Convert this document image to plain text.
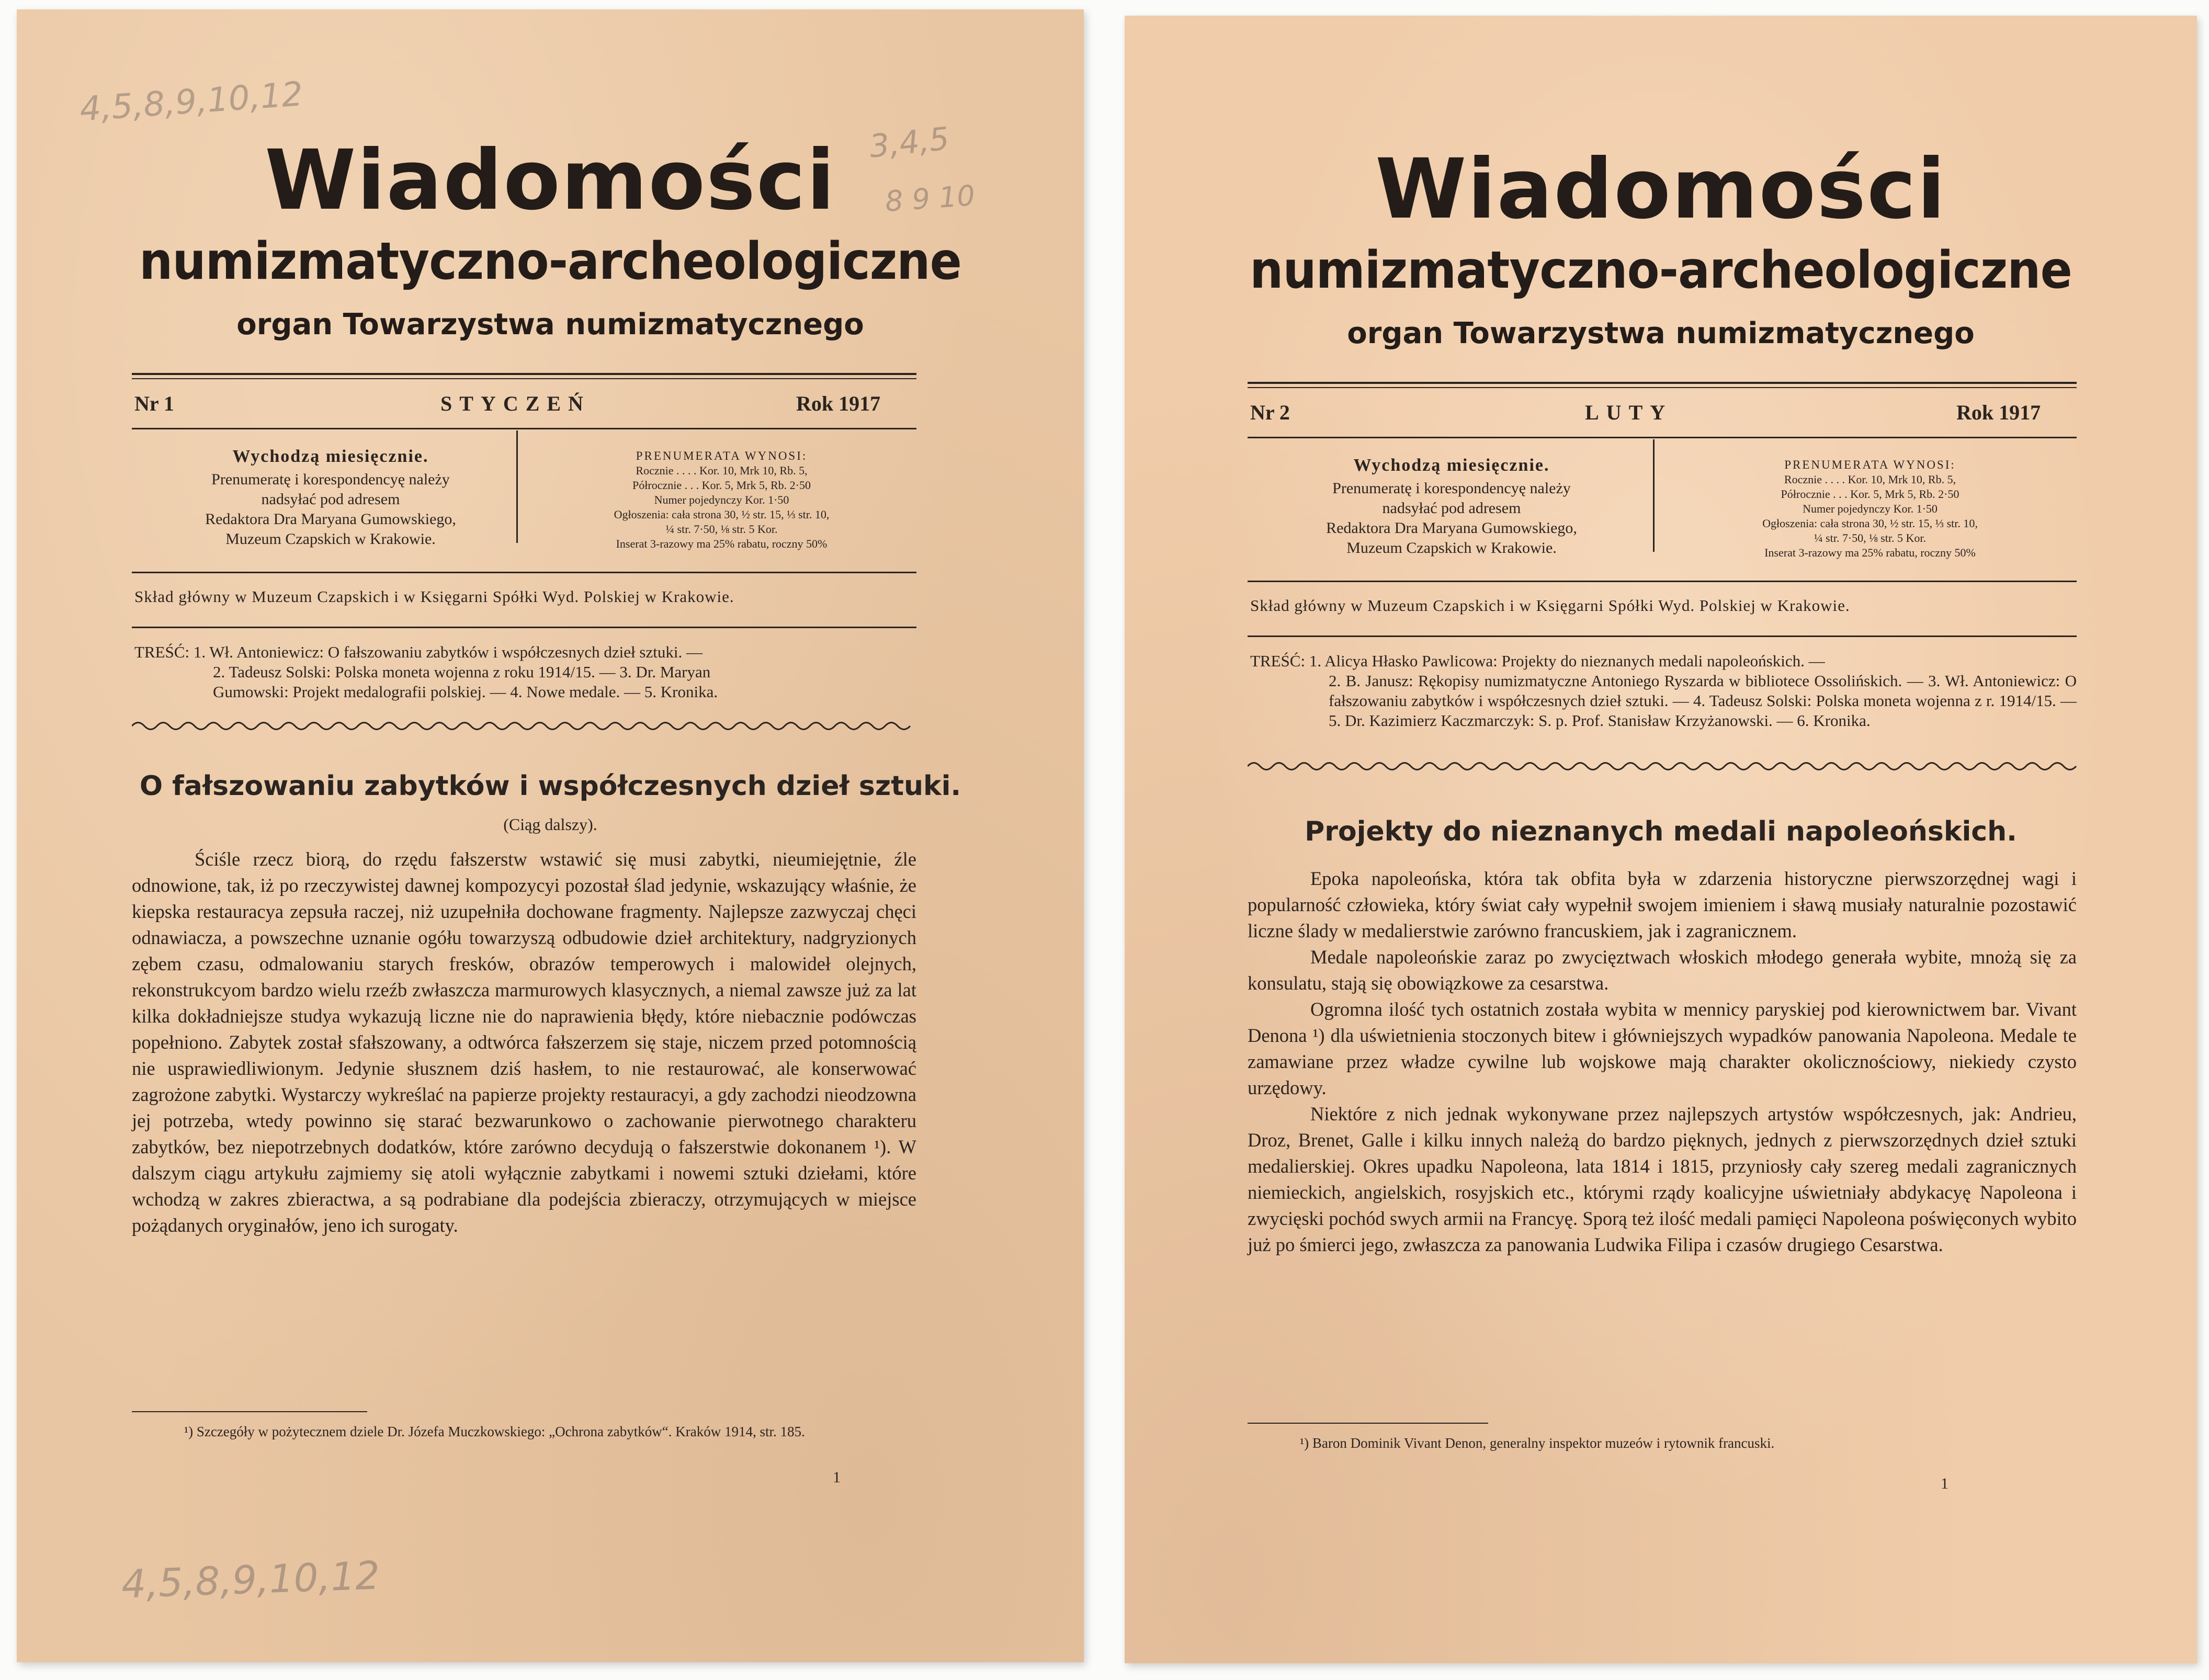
4,5,8,9,10,12
3,4,5
8 9 10
4,5,8,9,10,12
Wiadomości
numizmatyczno-archeologiczne
organ Towarzystwa numizmatycznego
Nr 1	STYCZEŃ	Rok 1917
Wychodzą miesięcznie.
Prenumeratę i korespondencyę należy
nadsyłać pod adresem
Redaktora Dra Maryana Gumowskiego,
Muzeum Czapskich w Krakowie.
PRENUMERATA WYNOSI:
Rocznie . . . . Kor. 10, Mrk 10, Rb. 5,
Półrocznie . . . Kor. 5, Mrk 5, Rb. 2·50
Numer pojedynczy Kor. 1·50
Ogłoszenia: cała strona 30, ½ str. 15, ⅓ str. 10,
¼ str. 7·50, ⅛ str. 5 Kor.
Inserat 3-razowy ma 25% rabatu, roczny 50%
Skład główny w Muzeum Czapskich i w Księgarni Spółki Wyd. Polskiej w Krakowie.
TREŚĆ: 1. Wł. Antoniewicz: O fałszowaniu zabytków i współczesnych dzieł sztuki. —
2. Tadeusz Solski: Polska moneta wojenna z roku 1914/15. — 3. Dr. Maryan
Gumowski: Projekt medalografii polskiej. — 4. Nowe medale. — 5. Kronika.
O fałszowaniu zabytków i współczesnych dzieł sztuki.
(Ciąg dalszy).

Ściśle rzecz biorą, do rzędu fałszerstw wstawić się musi zabytki, nieumiejętnie, źle odnowione, tak, iż po rzeczywistej dawnej kompozycyi pozostał ślad jedynie, wskazujący właśnie, że kiepska restauracya zepsuła raczej, niż uzupełniła dochowane fragmenty. Najlepsze zazwyczaj chęci odnawiacza, a powszechne uznanie ogółu towarzyszą odbudowie dzieł architektury, nadgryzionych zębem czasu, odmalowaniu starych fresków, obrazów temperowych i malowideł olejnych, rekonstrukcyom bardzo wielu rzeźb zwłaszcza marmurowych klasycznych, a niemal zawsze już za lat kilka dokładniejsze studya wykazują liczne nie do naprawienia błędy, które niebacznie podówczas popełniono. Zabytek został sfałszowany, a odtwórca fałszerzem się staje, niczem przed potomnością nie usprawiedliwionym. Jedynie słusznem dziś hasłem, to nie restaurować, ale konserwować zagrożone zabytki. Wystarczy wykreślać na papierze projekty restauracyi, a gdy zachodzi nieodzowna jej potrzeba, wtedy powinno się starać bezwarunkowo o zachowanie pierwotnego charakteru zabytków, bez niepotrzebnych dodatków, które zarówno decydują o fałszerstwie dokonanem ¹). W dalszym ciągu artykułu zajmiemy się atoli wyłącznie zabytkami i nowemi sztuki dziełami, które wchodzą w zakres zbieractwa, a są podrabiane dla podejścia zbieraczy, otrzymujących w miejsce pożądanych oryginałów, jeno ich surogaty.

¹) Szczegóły w pożytecznem dziele Dr. Józefa Muczkowskiego: „Ochrona zabytków“. Kraków 1914, str. 185.
1
Wiadomości
numizmatyczno-archeologiczne
organ Towarzystwa numizmatycznego
Nr 2	LUTY	Rok 1917
Wychodzą miesięcznie.
Prenumeratę i korespondencyę należy
nadsyłać pod adresem
Redaktora Dra Maryana Gumowskiego,
Muzeum Czapskich w Krakowie.
PRENUMERATA WYNOSI:
Rocznie . . . . Kor. 10, Mrk 10, Rb. 5,
Półrocznie . . . Kor. 5, Mrk 5, Rb. 2·50
Numer pojedynczy Kor. 1·50
Ogłoszenia: cała strona 30, ½ str. 15, ⅓ str. 10,
¼ str. 7·50, ⅛ str. 5 Kor.
Inserat 3-razowy ma 25% rabatu, roczny 50%
Skład główny w Muzeum Czapskich i w Księgarni Spółki Wyd. Polskiej w Krakowie.
TREŚĆ: 1. Alicya Hłasko Pawlicowa: Projekty do nieznanych medali napoleońskich. —
2. B. Janusz: Rękopisy numizmatyczne Antoniego Ryszarda w bibliotece Ossolińskich. — 3. Wł. Antoniewicz: O fałszowaniu zabytków i współczesnych dzieł sztuki. — 4. Tadeusz Solski: Polska moneta wojenna z r. 1914/15. — 5. Dr. Kazimierz Kaczmarczyk: S. p. Prof. Stanisław Krzyżanowski. — 6. Kronika.
Projekty do nieznanych medali napoleońskich.

Epoka napoleońska, która tak obfita była w zdarzenia historyczne pierwszorzędnej wagi i popularność człowieka, który świat cały wypełnił swojem imieniem i sławą musiały naturalnie pozostawić liczne ślady w medalierstwie zarówno francuskiem, jak i zagranicznem.

Medale napoleońskie zaraz po zwycięztwach włoskich młodego generała wybite, mnożą się za konsulatu, stają się obowiązkowe za cesarstwa.

Ogromna ilość tych ostatnich została wybita w mennicy paryskiej pod kierownictwem bar. Vivant Denona ¹) dla uświetnienia stoczonych bitew i główniejszych wypadków panowania Napoleona. Medale te zamawiane przez władze cywilne lub wojskowe mają charakter okolicznościowy, niekiedy czysto urzędowy.

Niektóre z nich jednak wykonywane przez najlepszych artystów współczesnych, jak: Andrieu, Droz, Brenet, Galle i kilku innych należą do bardzo pięknych, jednych z pierwszorzędnych dzieł sztuki medalierskiej. Okres upadku Napoleona, lata 1814 i 1815, przyniosły cały szereg medali zagranicznych niemieckich, angielskich, rosyjskich etc., którymi rządy koalicyjne uświetniały abdykacyę Napoleona i zwycięski pochód swych armii na Francyę. Sporą też ilość medali pamięci Napoleona poświęconych wybito już po śmierci jego, zwłaszcza za panowania Ludwika Filipa i czasów drugiego Cesarstwa.

¹) Baron Dominik Vivant Denon, generalny inspektor muzeów i rytownik francuski.
1
